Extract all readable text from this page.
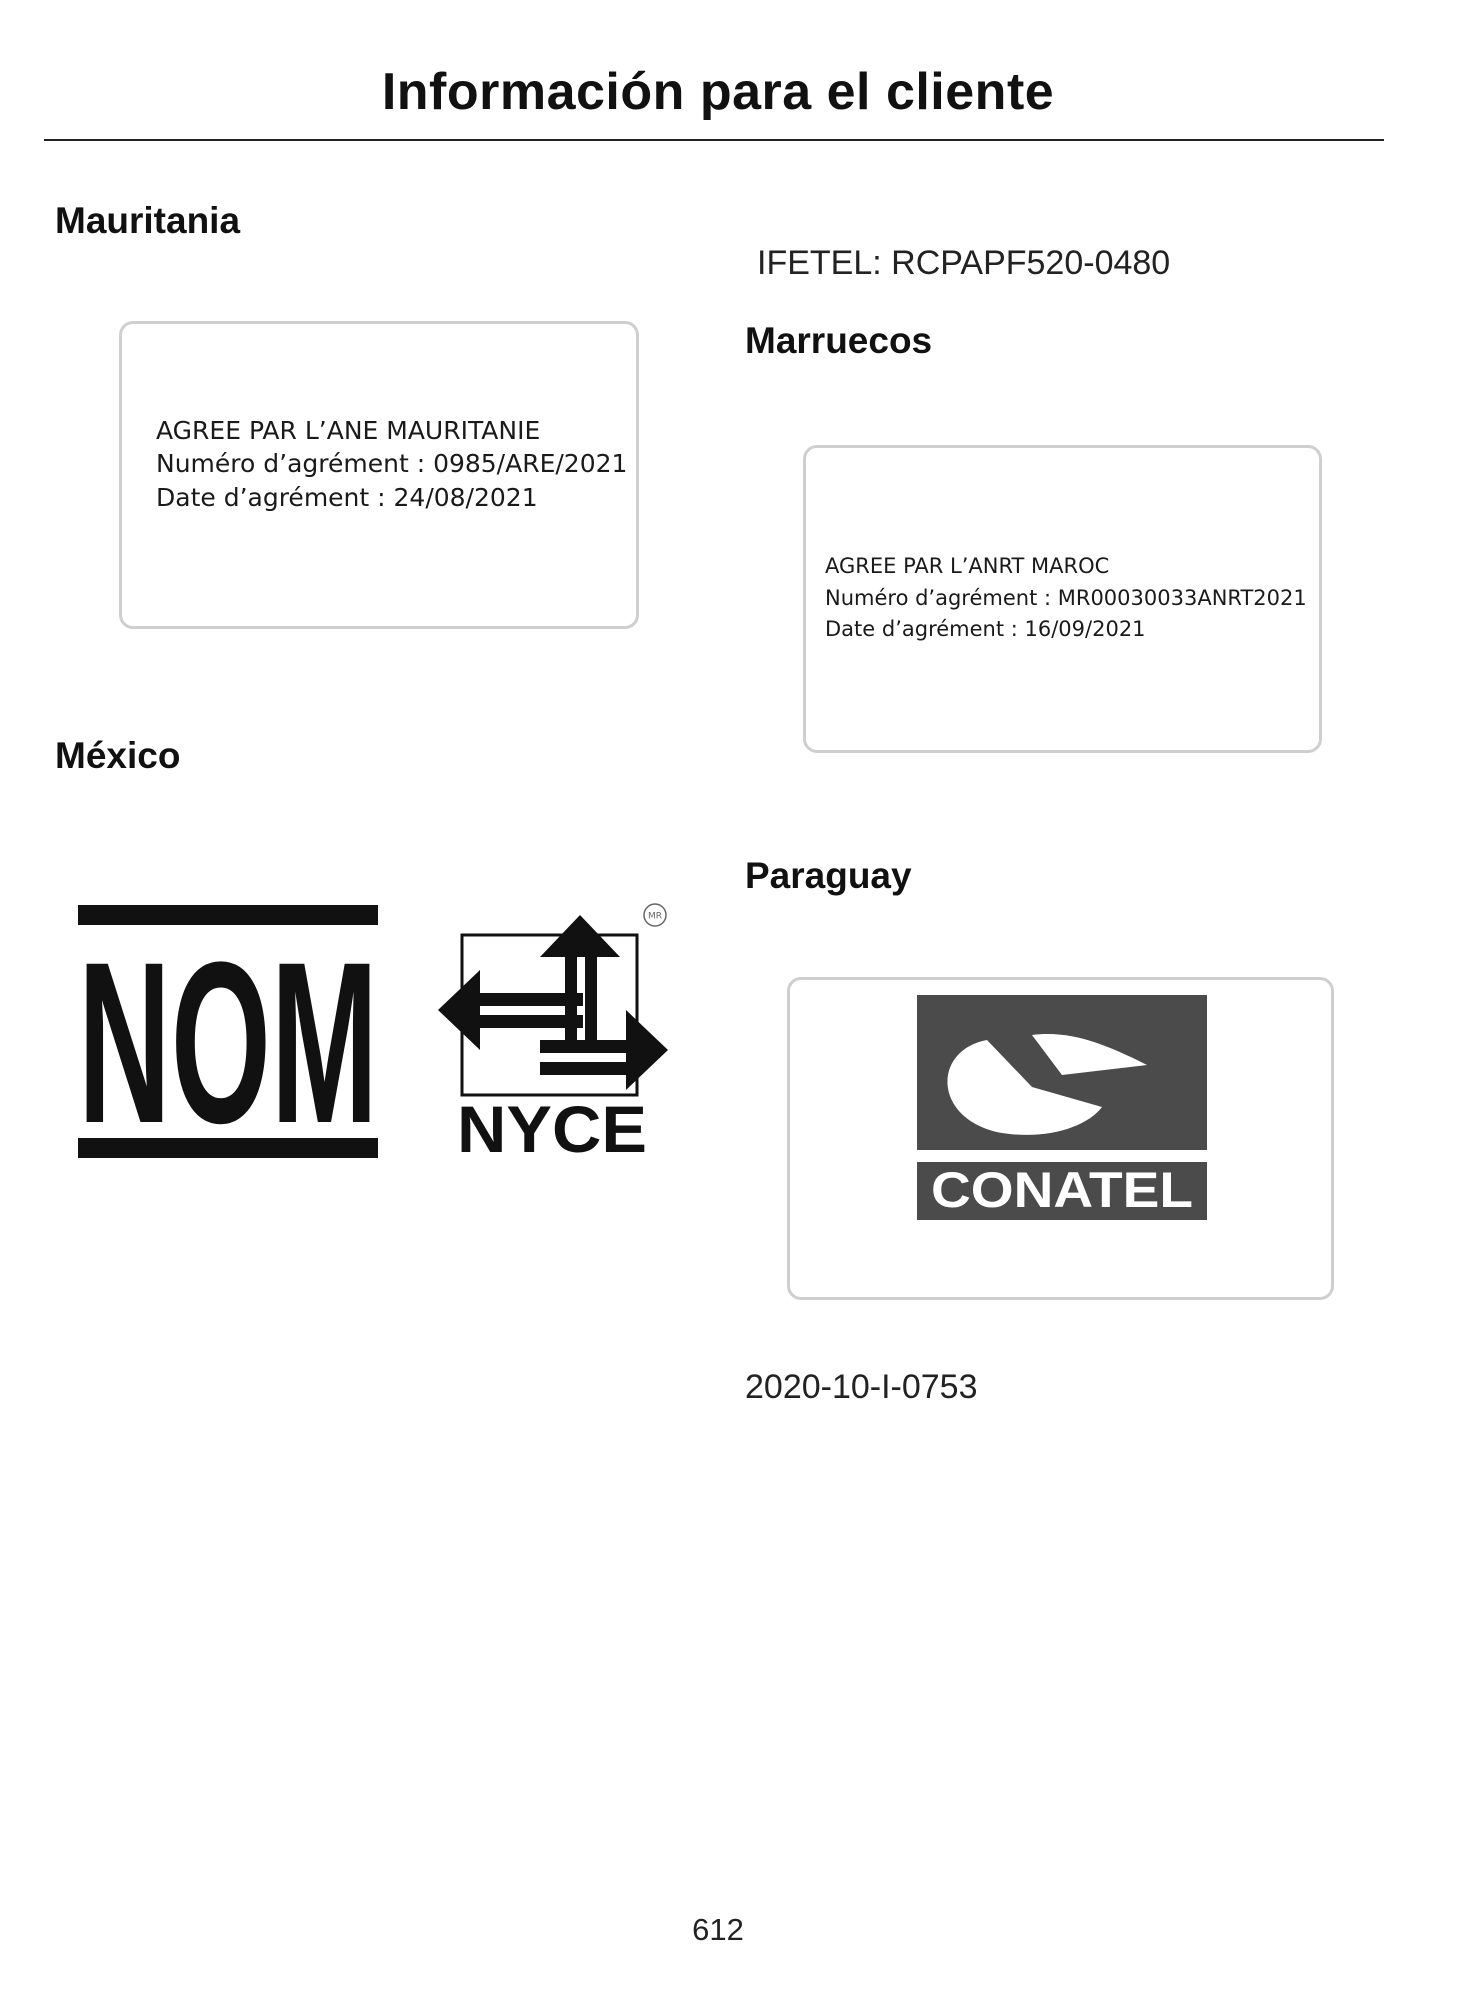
Información para el cliente
Mauritania
AGREE PAR L’ANE MAURITANIE
Numéro d’agrément : 0985/ARE/2021
Date d’agrément : 24/08/2021
IFETEL: RCPAPF520-0480
Marruecos
AGREE PAR L’ANRT MAROC
Numéro d’agrément : MR00030033ANRT2021
Date d’agrément : 16/09/2021
México
NOM	MR
NYCE
Paraguay
CONATEL
2020-10-I-0753
612
